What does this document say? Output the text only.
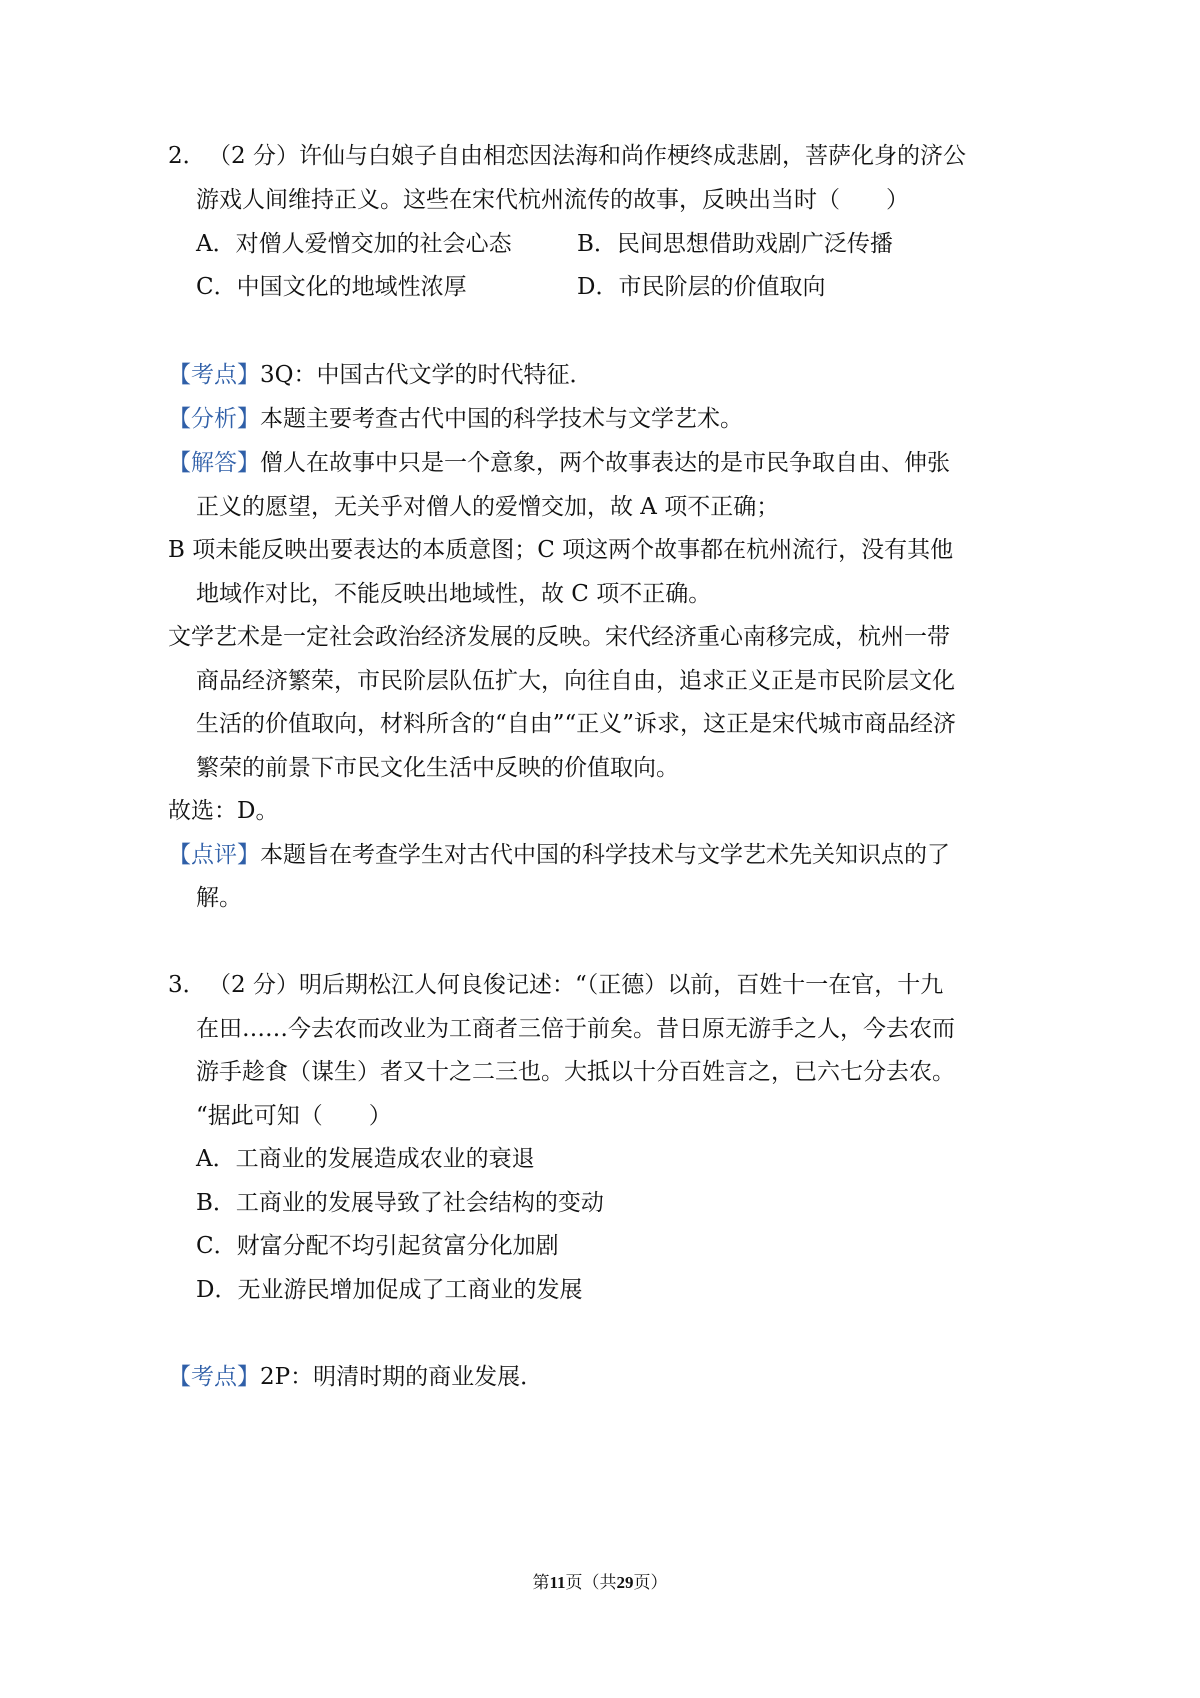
2． （2 分）许仙与白娘子自由相恋因法海和尚作梗终成悲剧，菩萨化身的济公
游戏人间维持正义。这些在宋代杭州流传的故事，反映出当时（　　）
A．对僧人爱憎交加的社会心态	B．民间思想借助戏剧广泛传播
C．中国文化的地域性浓厚	D．市民阶层的价值取向
【考点】3Q：中国古代文学的时代特征．
【分析】本题主要考查古代中国的科学技术与文学艺术。
【解答】僧人在故事中只是一个意象，两个故事表达的是市民争取自由、伸张
正义的愿望，无关乎对僧人的爱憎交加，故 A 项不正确；
B 项未能反映出要表达的本质意图；C 项这两个故事都在杭州流行，没有其他
地域作对比，不能反映出地域性，故 C 项不正确。
文学艺术是一定社会政治经济发展的反映。宋代经济重心南移完成，杭州一带
商品经济繁荣，市民阶层队伍扩大，向往自由，追求正义正是市民阶层文化
生活的价值取向，材料所含的“自由”“正义”诉求，这正是宋代城市商品经济
繁荣的前景下市民文化生活中反映的价值取向。
故选：D。
【点评】本题旨在考查学生对古代中国的科学技术与文学艺术先关知识点的了
解。
3． （2 分）明后期松江人何良俊记述：“（正德）以前，百姓十一在官，十九
在田……今去农而改业为工商者三倍于前矣。昔日原无游手之人，今去农而
游手趁食（谋生）者又十之二三也。大抵以十分百姓言之，已六七分去农。
“据此可知（　　）
A．工商业的发展造成农业的衰退
B．工商业的发展导致了社会结构的变动
C．财富分配不均引起贫富分化加剧
D．无业游民增加促成了工商业的发展
【考点】2P：明清时期的商业发展．
第11页（共29页）
